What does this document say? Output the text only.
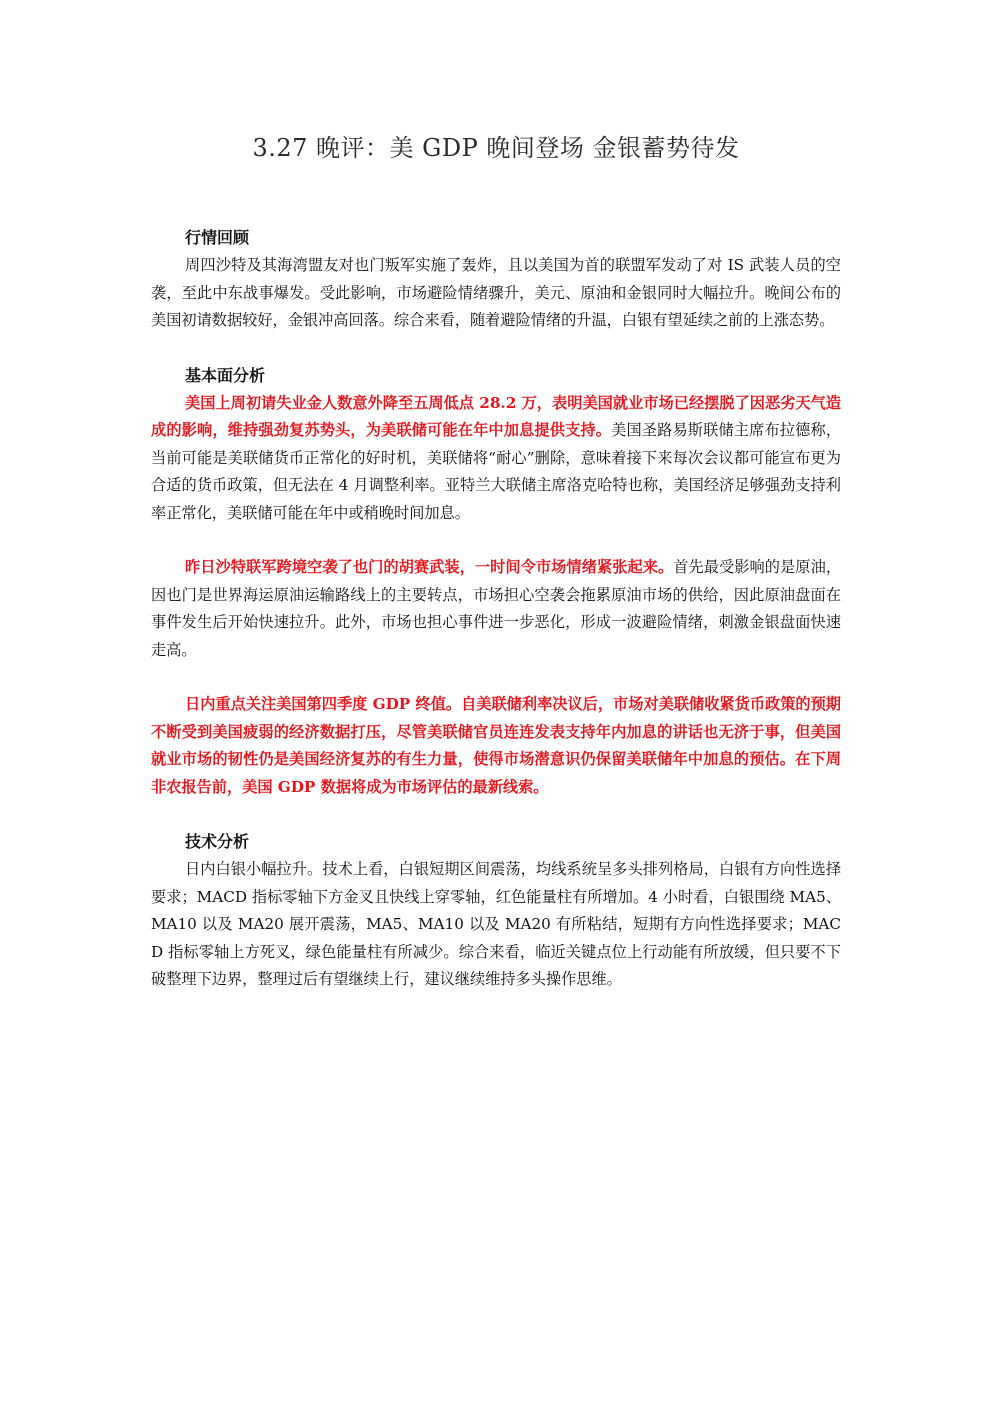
3.27 晚评：美 GDP 晚间登场 金银蓄势待发
行情回顾

周四沙特及其海湾盟友对也门叛军实施了轰炸，且以美国为首的联盟军发动了对 IS 武装人员的空袭，至此中东战事爆发。受此影响，市场避险情绪骤升，美元、原油和金银同时大幅拉升。晚间公布的美国初请数据较好，金银冲高回落。综合来看，随着避险情绪的升温，白银有望延续之前的上涨态势。

基本面分析

美国上周初请失业金人数意外降至五周低点 28.2 万，表明美国就业市场已经摆脱了因恶劣天气造成的影响，维持强劲复苏势头，为美联储可能在年中加息提供支持。美国圣路易斯联储主席布拉德称，当前可能是美联储货币正常化的好时机，美联储将“耐心”删除，意味着接下来每次会议都可能宣布更为合适的货币政策，但无法在 4 月调整利率。亚特兰大联储主席洛克哈特也称，美国经济足够强劲支持利率正常化，美联储可能在年中或稍晚时间加息。

昨日沙特联军跨境空袭了也门的胡赛武装，一时间令市场情绪紧张起来。首先最受影响的是原油，因也门是世界海运原油运输路线上的主要转点，市场担心空袭会拖累原油市场的供给，因此原油盘面在事件发生后开始快速拉升。此外，市场也担心事件进一步恶化，形成一波避险情绪，刺激金银盘面快速走高。

日内重点关注美国第四季度 GDP 终值。自美联储利率决议后，市场对美联储收紧货币政策的预期不断受到美国疲弱的经济数据打压，尽管美联储官员连连发表支持年内加息的讲话也无济于事，但美国就业市场的韧性仍是美国经济复苏的有生力量，使得市场潜意识仍保留美联储年中加息的预估。在下周非农报告前，美国 GDP 数据将成为市场评估的最新线索。

技术分析

日内白银小幅拉升。技术上看，白银短期区间震荡，均线系统呈多头排列格局，白银有方向性选择要求；MACD 指标零轴下方金叉且快线上穿零轴，红色能量柱有所增加。4 小时看，白银围绕 MA5、MA10 以及 MA20 展开震荡，MA5、MA10 以及 MA20 有所粘结，短期有方向性选择要求；MACD 指标零轴上方死叉，绿色能量柱有所减少。综合来看，临近关键点位上行动能有所放缓，但只要不下破整理下边界，整理过后有望继续上行，建议继续维持多头操作思维。
